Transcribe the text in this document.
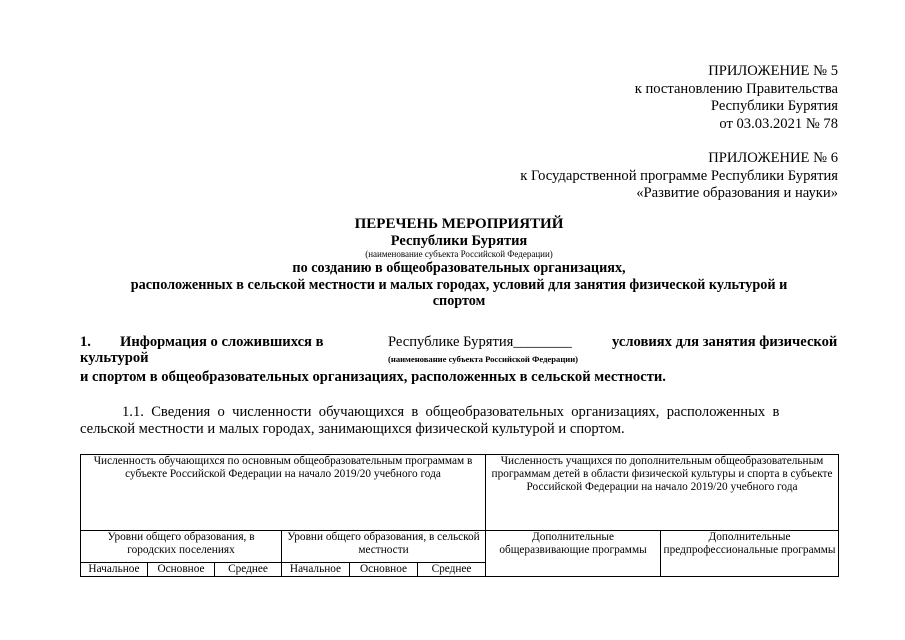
ПРИЛОЖЕНИЕ № 5
к постановлению Правительства
Республики Бурятия
от 03.03.2021 № 78
ПРИЛОЖЕНИЕ № 6
к Государственной программе Республики Бурятия
«Развитие образования и науки»
ПЕРЕЧЕНЬ МЕРОПРИЯТИЙ
Республики Бурятия
(наименование субъекта Российской Федерации)
по созданию в общеобразовательных организациях,
расположенных в сельской местности и малых городах, условий для занятия физической культурой и
спортом
1. Информация о сложившихся в	Республике Бурятия________	условиях для занятия физической
культурой	(наименование субъекта Российской Федерации)
и спортом в общеобразовательных организациях, расположенных в сельской местности.
1.1.  Сведения  о  численности  обучающихся  в  общеобразовательных  организациях,  расположенных  в
сельской местности и малых городах, занимающихся физической культурой и спортом.
Численность обучающихся по основным общеобразовательным программам в субъекте Российской Федерации на начало 2019/20 учебного года						Численность учащихся по дополнительным общеобразовательным программам детей в области физической культуры и спорта в субъекте Российской Федерации на начало 2019/20 учебного года	
Уровни общего образования, в городских поселениях			Уровни общего образования, в сельской местности			Дополнительные общеразвивающие программы	Дополнительные предпрофессиональные программы
Начальное	Основное	Среднее	Начальное	Основное	Среднее		
